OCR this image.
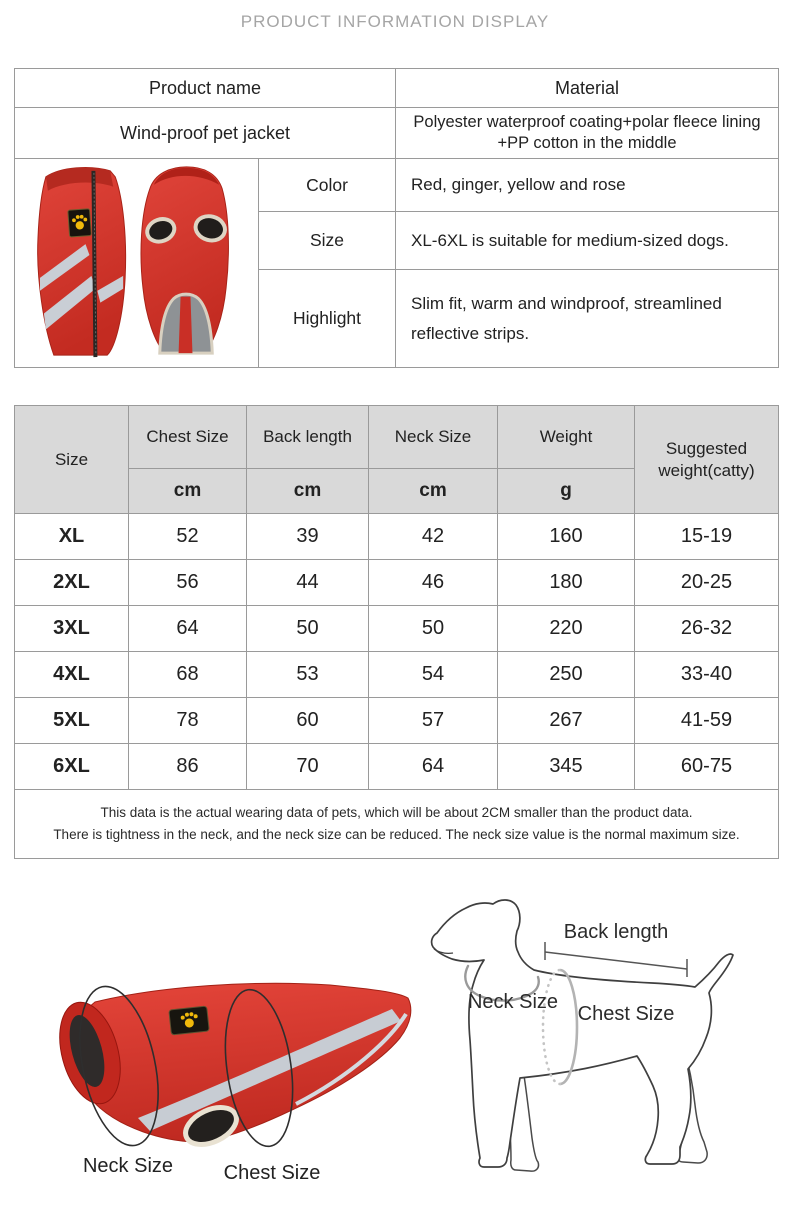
PRODUCT INFORMATION DISPLAY
Product name		Material
Wind-proof pet jacket		Polyester waterproof coating+polar fleece lining +PP cotton in the middle
	Color	Red, ginger, yellow and rose
	Size	XL-6XL is suitable for medium-sized dogs.
	Highlight	Slim fit, warm and windproof, streamlined reflective strips.
Size	Chest Size	Back length	Neck Size	Weight	Suggested weight(catty)
	cm	cm	cm	g	
XL	52	39	42	160	15-19
2XL	56	44	46	180	20-25
3XL	64	50	50	220	26-32
4XL	68	53	54	250	33-40
5XL	78	60	57	267	41-59
6XL	86	70	64	345	60-75

This data is the actual wearing data of pets, which will be about 2CM smaller than the product data.
There is tightness in the neck, and the neck size can be reduced. The neck size value is the normal maximum size.					
Neck Size	Chest Size
Back length
Neck Size
Chest Size
